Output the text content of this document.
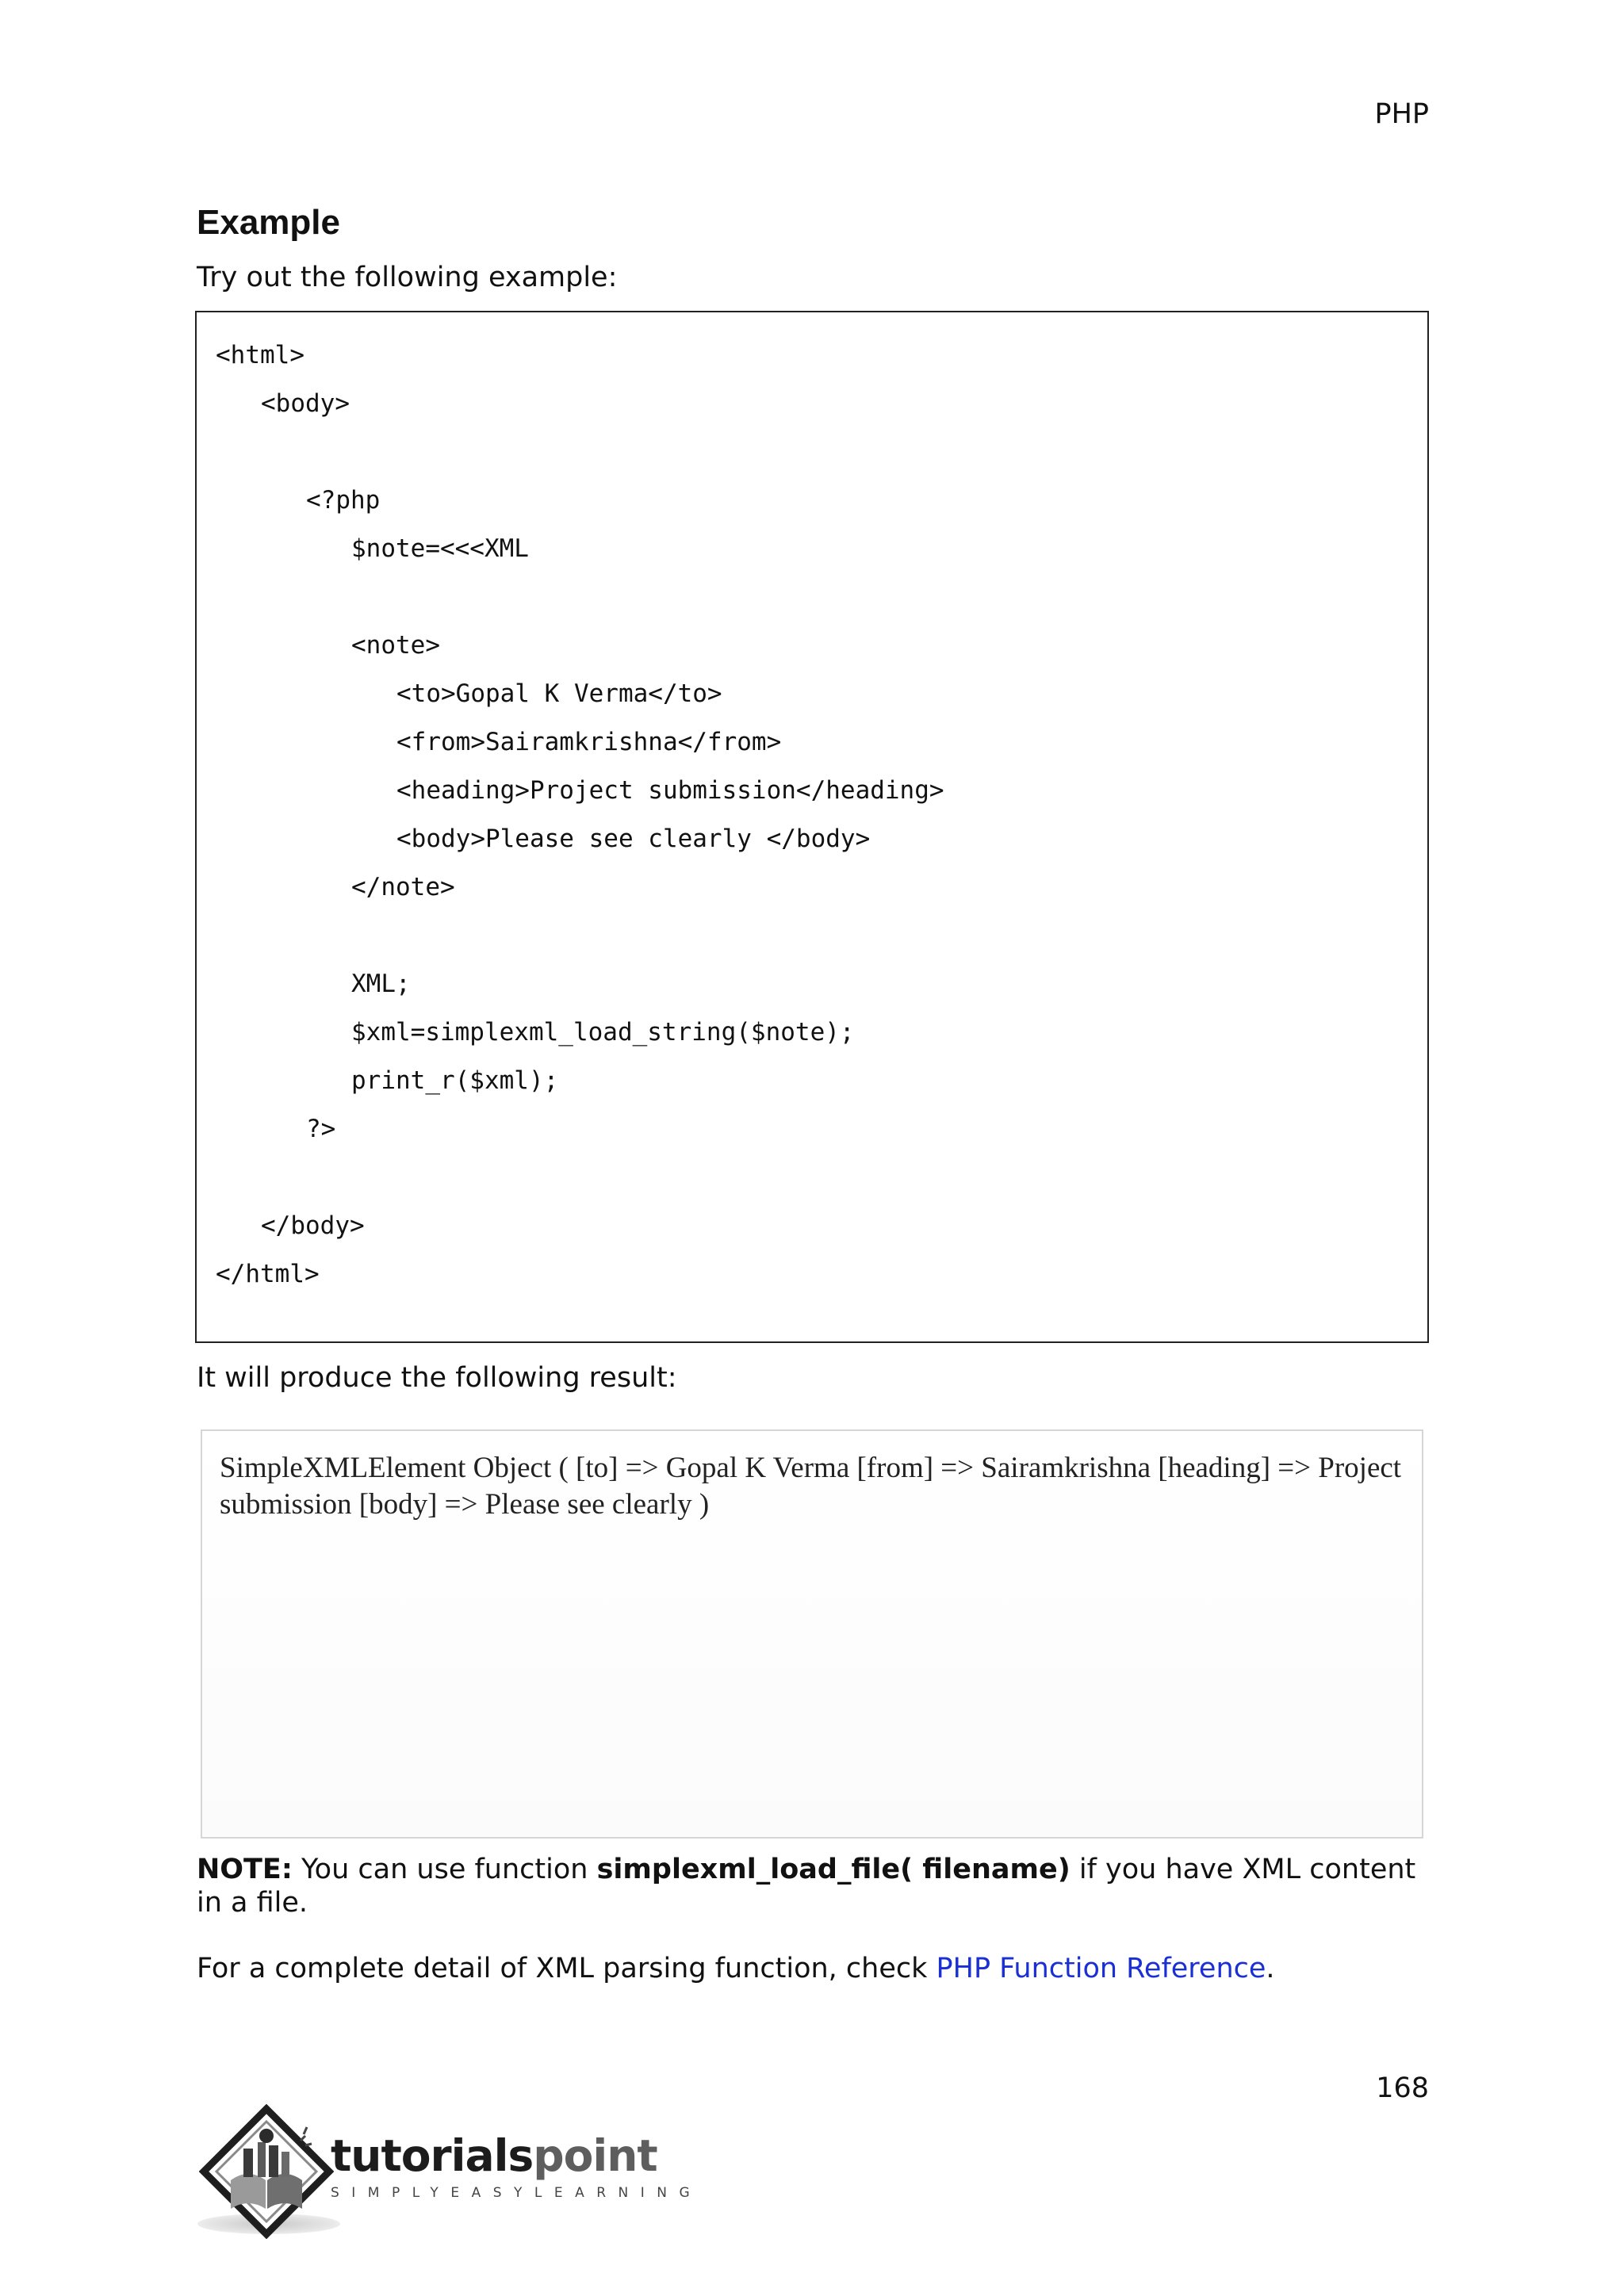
PHP
Example

Try out the following example:

<html>
<body>
<?php
$note=<<<XML
<note>
<to>Gopal K Verma</to>
<from>Sairamkrishna</from>
<heading>Project submission</heading>
<body>Please see clearly </body>
</note>
XML;
$xml=simplexml_load_string($note);
print_r($xml);
?>
</body>
</html>

It will produce the following result:

SimpleXMLElement Object ( [to] => Gopal K Verma [from] => Sairamkrishna [heading] => Project submission [body] => Please see clearly )

NOTE: You can use function simplexml_load_file( filename) if you have XML content in a file.

For a complete detail of XML parsing function, check PHP Function Reference.

168
tutorialspoint
SIMPLYEASYLEARNING
